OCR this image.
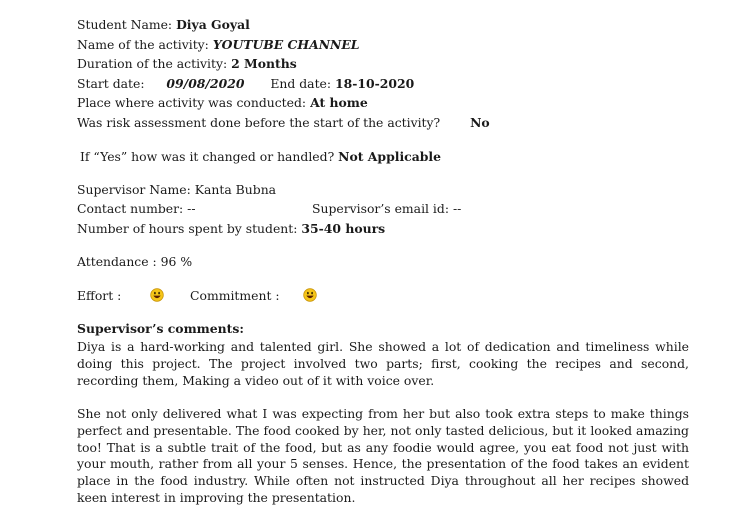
Student Name: Diya Goyal
Name of the activity: YOUTUBE CHANNEL
Duration of the activity: 2 Months
Start date: 09/08/2020 End date: 18-10-2020
Place where activity was conducted: At home
Was risk assessment done before the start of the activity? No
If “Yes” how was it changed or handled? Not Applicable
Supervisor Name: Kanta Bubna
Contact number: --	Supervisor’s email id: --
Number of hours spent by student: 35-40 hours
Attendance : 96 %
Effort :	Commitment :
Supervisor’s comments:
Diya is a hard-working and talented girl. She showed a lot of dedication and timeliness while doing this project. The project involved two parts; first, cooking the recipes and second, recording them, Making a video out of it with voice over.
She not only delivered what I was expecting from her but also took extra steps to make things perfect and presentable. The food cooked by her, not only tasted delicious, but it looked amazing too! That is a subtle trait of the food, but as any foodie would agree, you eat food not just with your mouth, rather from all your 5 senses. Hence, the presentation of the food takes an evident place in the food industry. While often not instructed Diya throughout all her recipes showed keen interest in improving the presentation.
